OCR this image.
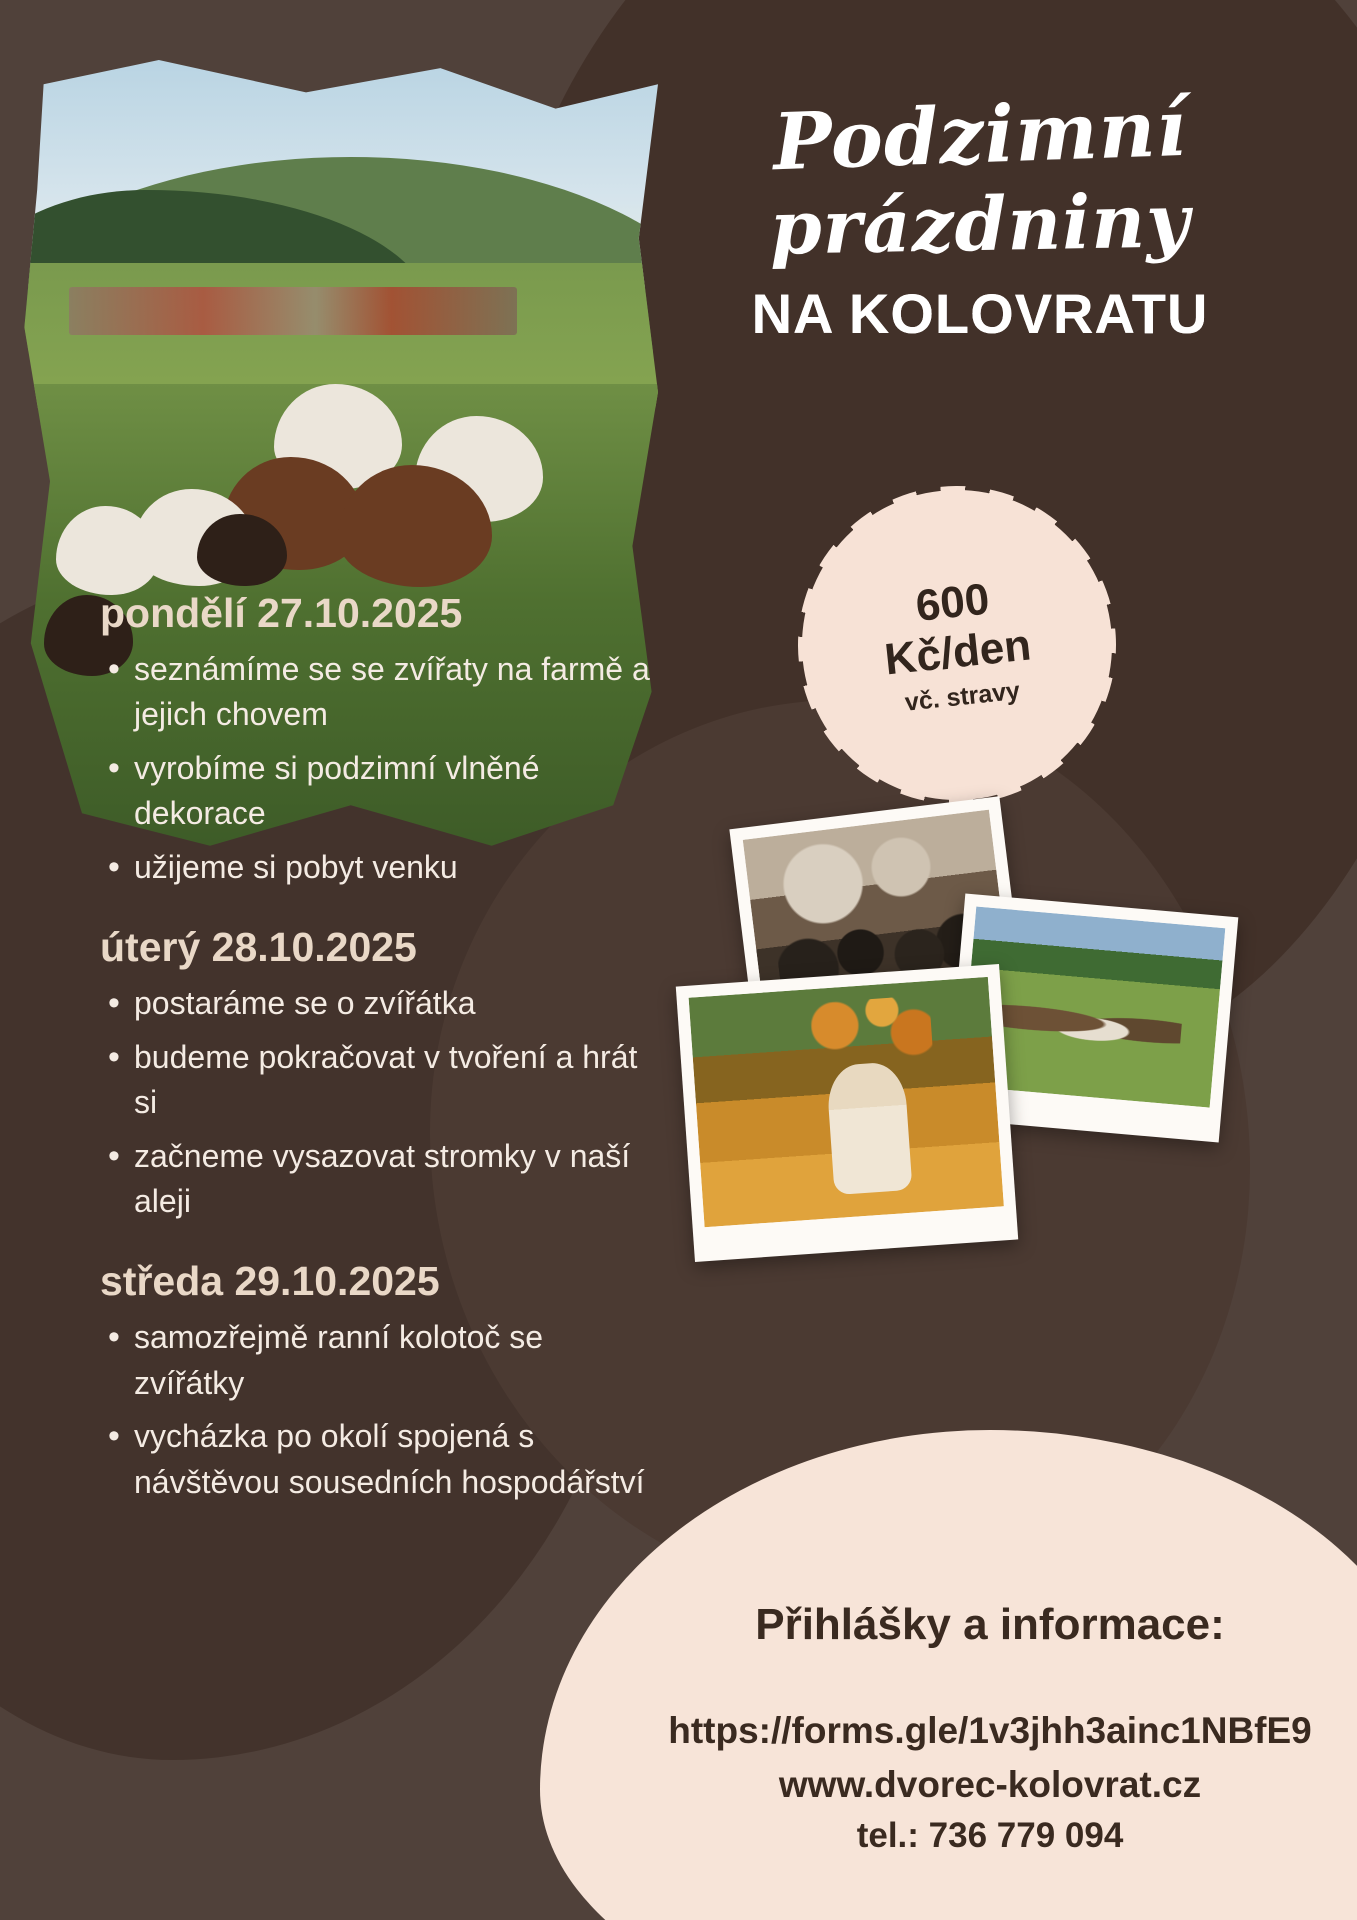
Podzimní
prázdniny
NA KOLOVRATU
600
Kč/den
vč. stravy
pondělí 27.10.2025
• seznámíme se se zvířaty na farmě a jejich chovem
• vyrobíme si podzimní vlněné dekorace
• užijeme si pobyt venku
úterý 28.10.2025
• postaráme se o zvířátka
• budeme pokračovat v tvoření a hrát si
• začneme vysazovat stromky v naší aleji
středa 29.10.2025
• samozřejmě ranní kolotoč se zvířátky
• vycházka po okolí spojená s návštěvou sousedních hospodářství
Přihlášky a informace:
https://forms.gle/1v3jhh3ainc1NBfE9
www.dvorec-kolovrat.cz
tel.: 736 779 094
